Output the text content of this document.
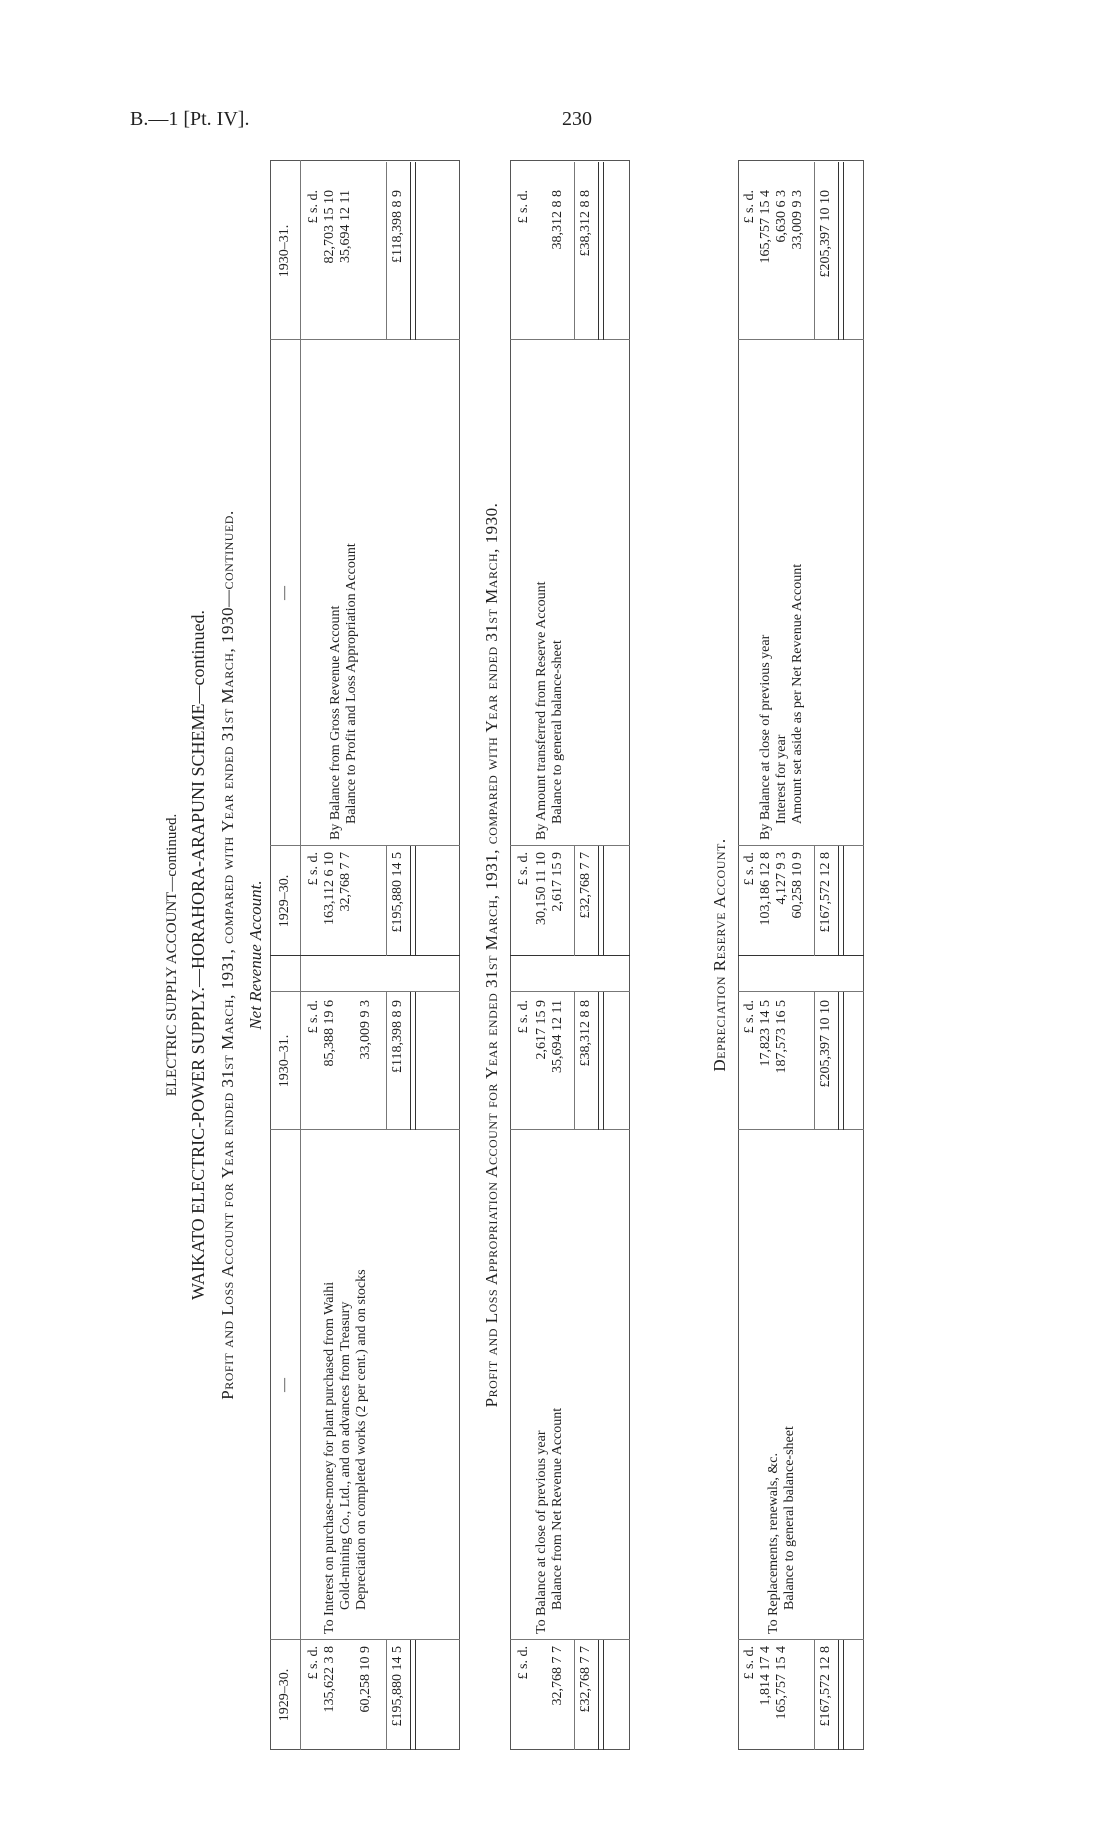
B.—1 [Pt. IV].	230
ELECTRIC SUPPLY ACCOUNT—continued. WAIKATO ELECTRIC-POWER SUPPLY.—HORAHORA-ARAPUNI SCHEME—continued. Profit and Loss Account for Year ended 31st March, 1931, compared with Year ended 31st March, 1930—continued. Net Revenue Account.
1929–30.
—
1930–31.
1929–30.
—
1930–31.
£ s. d.
£ s. d.
£ s. d.
£ s. d.
135,622 3 8
To Interest on purchase-money for plant purchased from Waihi
85,388 19 6
Gold-mining Co., Ltd., and on advances from Treasury
60,258 10 9
Depreciation on completed works (2 per cent.) and on stocks
33,009 9 3
163,112 6 10
By Balance from Gross Revenue Account
82,703 15 10
32,768 7 7
Balance to Profit and Loss Appropriation Account
35,694 12 11
£195,880 14 5
£118,398 8 9
£195,880 14 5
£118,398 8 9
Profit and Loss Appropriation Account for Year ended 31st March, 1931, compared with Year ended 31st March, 1930.
£ s. d.
£ s. d.
£ s. d.
£ s. d.
To Balance at close of previous year
2,617 15 9
32,768 7 7
Balance from Net Revenue Account
35,694 12 11
30,150 11 10
By Amount transferred from Reserve Account
2,617 15 9
Balance to general balance-sheet
38,312 8 8
£32,768 7 7
£38,312 8 8
£32,768 7 7
£38,312 8 8
Depreciation Reserve Account.
£ s. d.
£ s. d.
£ s. d.
£ s. d.
1,814 17 4
To Replacements, renewals, &c.
17,823 14 5
165,757 15 4
Balance to general balance-sheet
187,573 16 5
103,186 12 8
By Balance at close of previous year
165,757 15 4
4,127 9 3
Interest for year
6,630 6 3
60,258 10 9
Amount set aside as per Net Revenue Account
33,009 9 3
£167,572 12 8
£205,397 10 10
£167,572 12 8
£205,397 10 10
